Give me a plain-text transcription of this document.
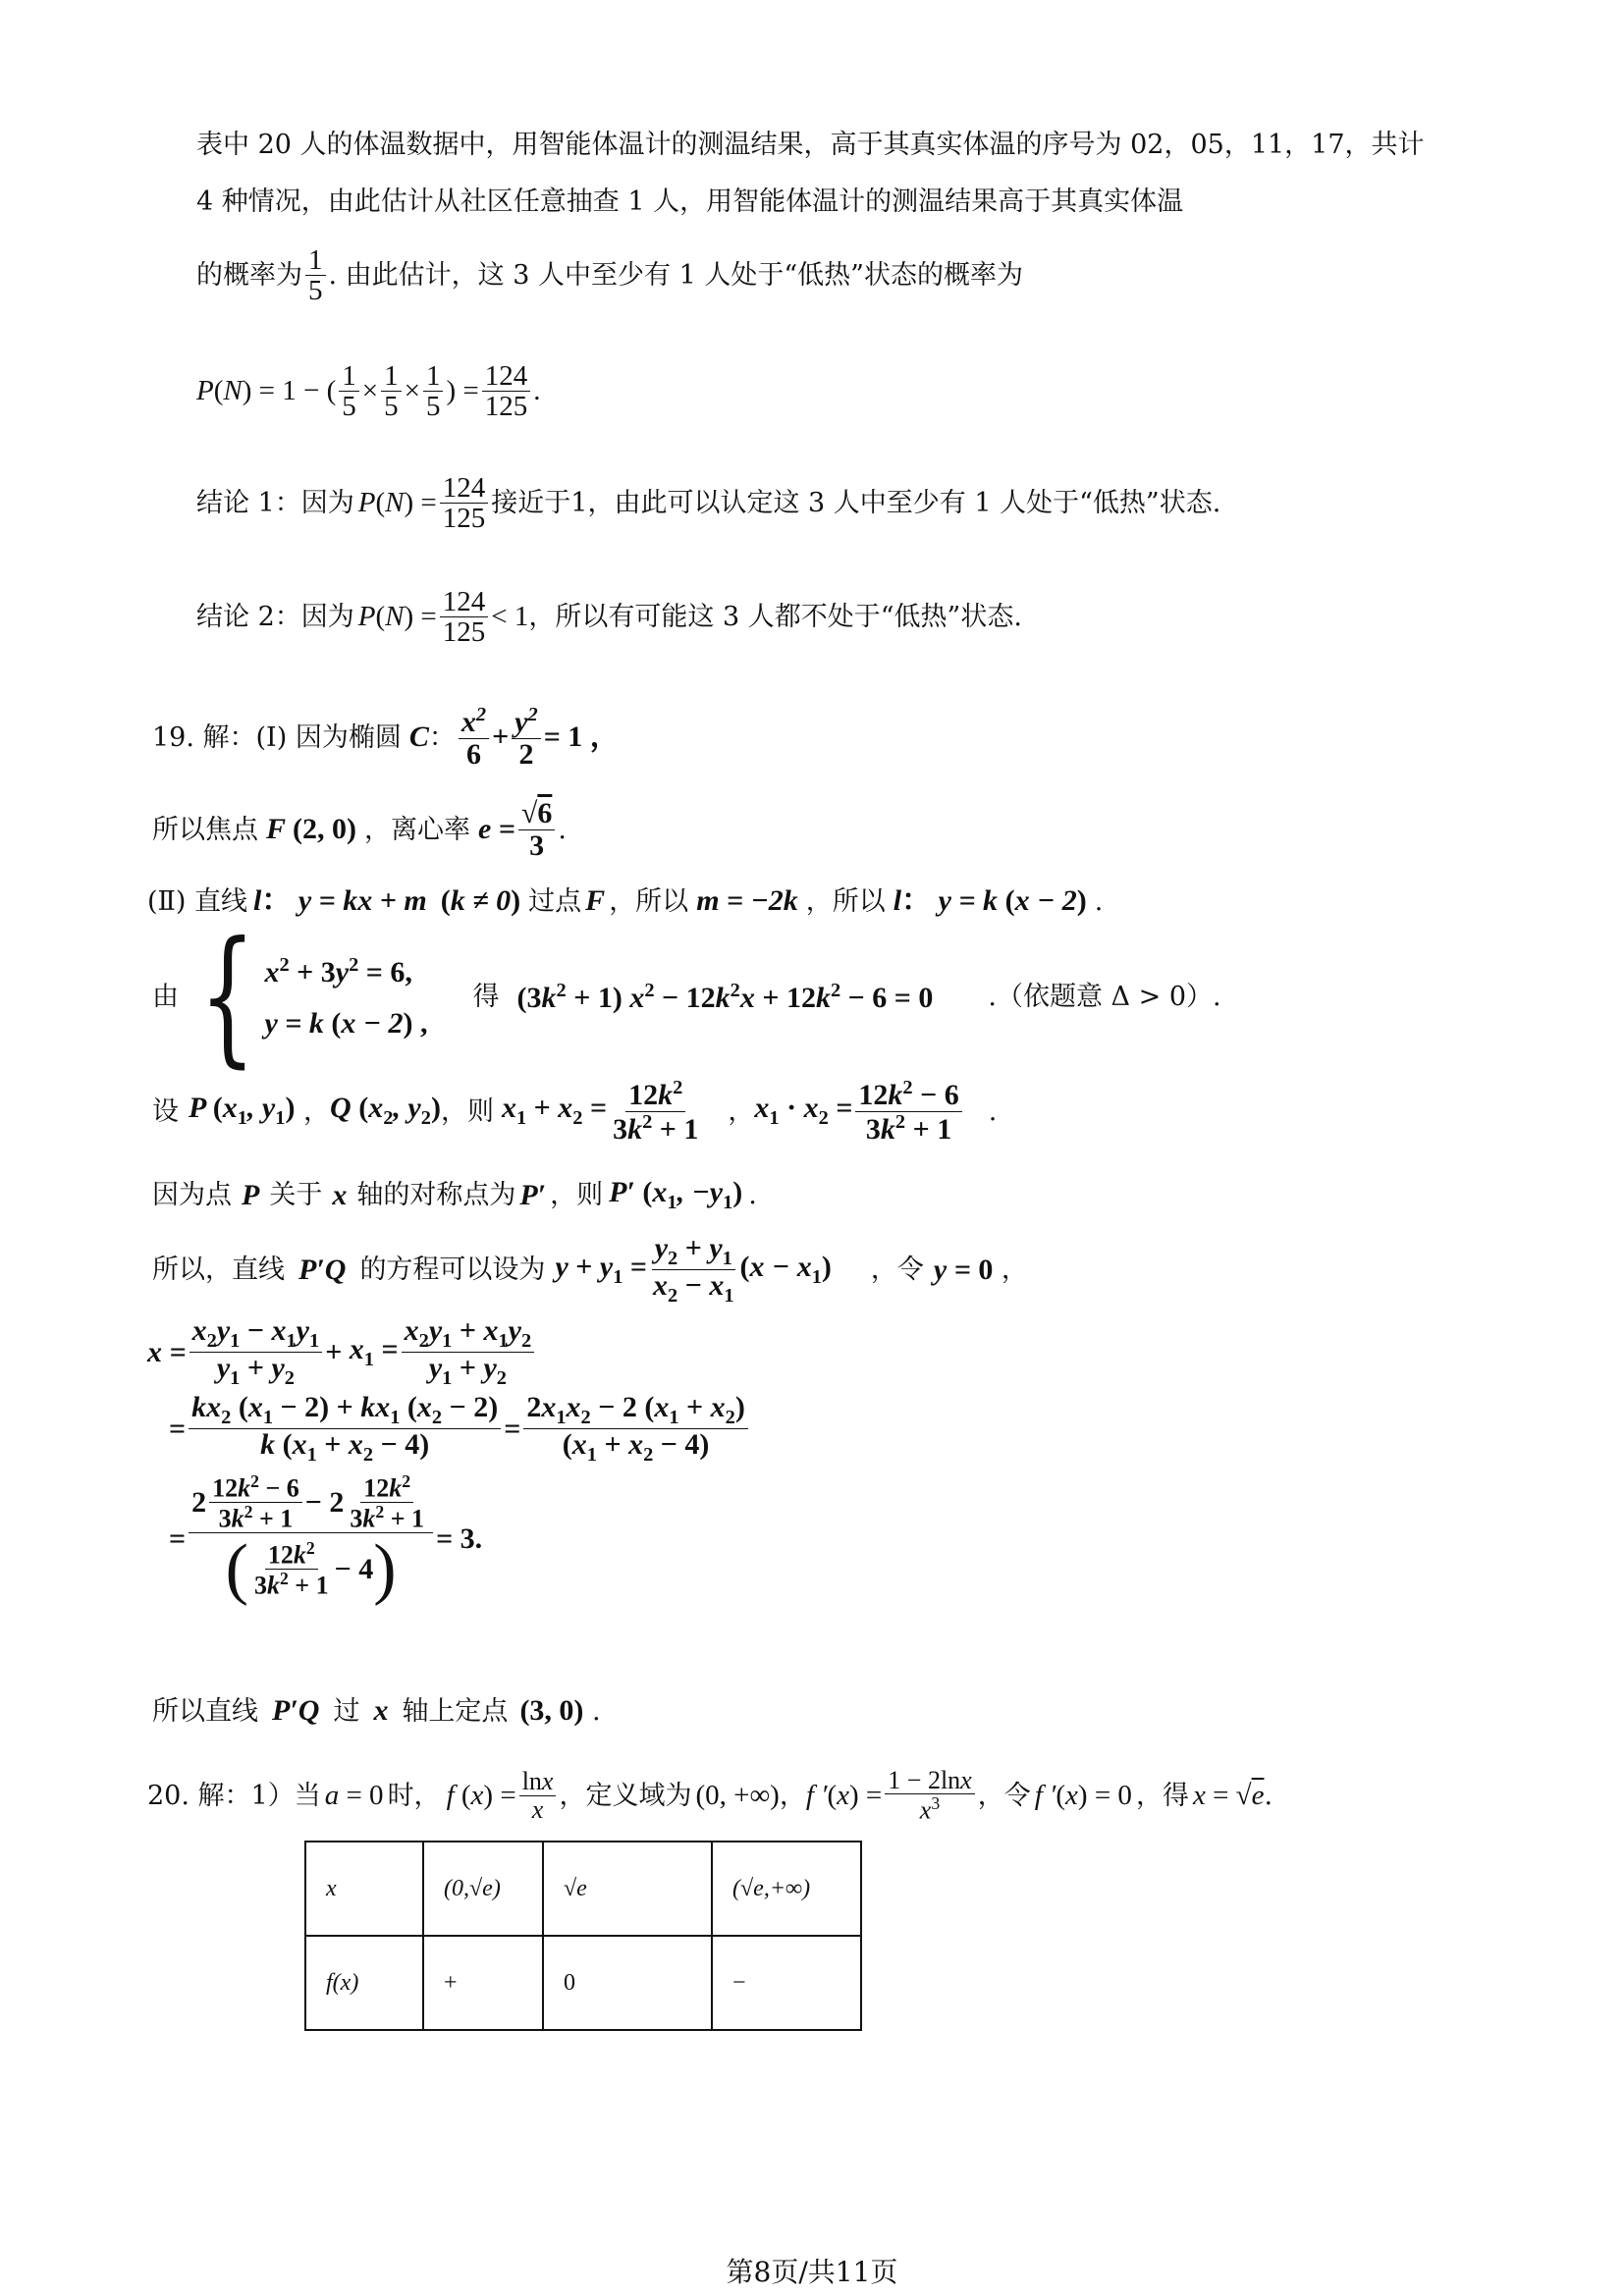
表中 20 人的体温数据中，用智能体温计的测温结果，高于其真实体温的序号为 02，05，11，17，共计
4 种情况，由此估计从社区任意抽查 1 人，用智能体温计的测温结果高于其真实体温
的概率为 $\frac{1}{5}$ . 由此估计，这 3 人中至少有 1 人处于“低热”状态的概率为
P ( N ) = 1 − ( $\frac{1}{5} \times \frac{1}{5} \times \frac{1}{5}$ ) = $\frac{124}{125}$ .
结论 1：因为 $P(N) = \frac{124}{125}$ 接近于1，由此可以认定这 3 人中至少有 1 人处于“低热”状态.
结论 2：因为 $P(N) = \frac{124}{125} < 1$ ，所以有可能这 3 人都不处于“低热”状态.
19. 解：(Ⅰ) 因为椭圆 C ： $\frac{x^2}{6} + \frac{y^2}{2} = 1$ ，
所以焦点 F (2, 0) ，离心率 $e = \frac{√6}{3}$ .
(Ⅱ) 直线 l： y = kx + m (k ≠ 0) 过点 F ，所以 m = −2k ，所以 l： y = k (x − 2) .
由 { $x^2 + 3y^2 = 6$,
y = k (x − 2) ,
得 $(3k^2 + 1) x^2 - 12k^2x + 12k^2 - 6 = 0$ .（依题意 Δ > 0）.
设 P ($x_1$, $y_1$) ， Q ($x_2$, $y_2$) ，则 $x_1 + x_2 = \frac{12k^2}{3k^2 + 1}$ ， $x_1 \cdot x_2 = \frac{12k^2 - 6}{3k^2 + 1}$ .
因为点 P 关于 x 轴的对称点为 P′ ，则 P′ ($x_1$, $-y_1$) .
所以，直线 P′Q 的方程可以设为 $y + y_1 = \frac{y_2 + y_1}{x_2 - x_1} (x - x_1)$ ，令 y = 0 ，
$x = \frac{x_2y_1 - x_1y_1}{y_1 + y_2} + x_1 = \frac{x_2y_1 + x_1y_2}{y_1 + y_2}$
= $\frac{kx_2 (x_1 - 2) + kx_1 (x_2 - 2)}{k (x_1 + x_2 - 4)} = \frac{2x_1x_2 - 2 (x_1 + x_2)}{(x_1 + x_2 - 4)}$
= $\frac{2 \frac{12k^2 - 6}{3k^2 + 1} - 2 \frac{12k^2}{3k^2 + 1}}{( \frac{12k^2}{3k^2 + 1} - 4 )} = 3$.
所以直线 P′Q 过 x 轴上定点 (3, 0) .
20. 解：1）当 a = 0 时， f $(x) = \frac{\ln x}{x}$ ，定义域为 (0, +∞) ， f $'(x) = \frac{1 - 2\ln x}{x^3}$ ，令 f ′(x) = 0 ，得 x = √e .
x	(0,√e)	√e	(√e,+∞)
f(x)	+	0	−
第8页/共11页
